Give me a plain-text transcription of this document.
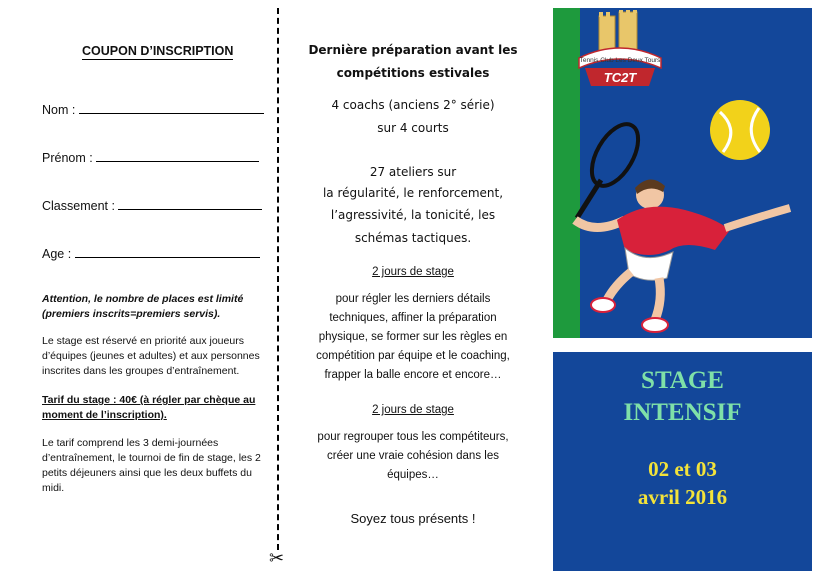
COUPON D’INSCRIPTION
Nom :
Prénom :
Classement :
Age :
Attention, le nombre de places est limité (premiers inscrits=premiers servis).
Le stage est réservé en priorité aux joueurs d’équipes (jeunes et adultes) et aux personnes inscrites dans les groupes d’entraînement.
Tarif du stage : 40€ (à régler par chèque au moment de l’inscription).
Le tarif comprend les 3 demi-journées d’entraînement, le tournoi de fin de stage, les 2 petits déjeuners ainsi que les deux buffets du midi.
✂
Dernière préparation avant les
compétitions estivales
4 coachs (anciens 2° série)
sur 4 courts
27 ateliers sur
la régularité, le renforcement,
l’agressivité, la tonicité, les
schémas tactiques.
2 jours de stage
pour régler les derniers détails
techniques, affiner la préparation
physique, se former sur les règles en
compétition par équipe et le coaching,
frapper la balle encore et encore…
2 jours de stage
pour regrouper tous les compétiteurs,
créer une vraie cohésion dans les
équipes…
Soyez tous présents !
Tennis Club Les Deux Tours
TC2T
STAGE
INTENSIF
02 et 03
avril 2016
